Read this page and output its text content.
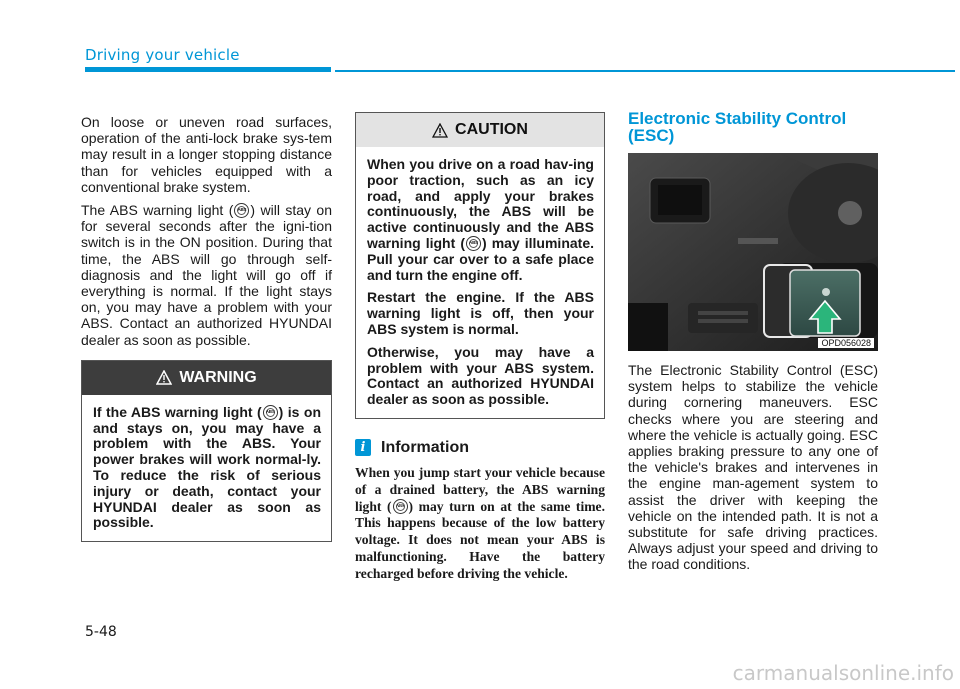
Driving your vehicle

On loose or uneven road surfaces, operation of the anti-lock brake sys-tem may result in a longer stopping distance than for vehicles equipped with a conventional brake system.

The ABS warning light ( ABS ) will stay on for several seconds after the igni-tion switch is in the ON position. During that time, the ABS will go through self-diagnosis and the light will go off if everything is normal. If the light stays on, you may have a problem with your ABS. Contact an authorized HYUNDAI dealer as soon as possible.

WARNING

If the ABS warning light ( ABS ) is on and stays on, you may have a problem with the ABS. Your power brakes will work normal-ly. To reduce the risk of serious injury or death, contact your HYUNDAI dealer as soon as possible.

CAUTION

When you drive on a road hav-ing poor traction, such as an icy road, and apply your brakes continuously, the ABS will be active continuously and the ABS warning light ( ABS ) may illuminate. Pull your car over to a safe place and turn the engine off.

Restart the engine. If the ABS warning light is off, then your ABS system is normal.

Otherwise, you may have a problem with your ABS system. Contact an authorized HYUNDAI dealer as soon as possible.

i Information

When you jump start your vehicle because of a drained battery, the ABS warning light ( ABS ) may turn on at the same time. This happens because of the low battery voltage. It does not mean your ABS is malfunctioning. Have the battery recharged before driving the vehicle.

Electronic Stability Control (ESC)
OPD056028

The Electronic Stability Control (ESC) system helps to stabilize the vehicle during cornering maneuvers. ESC checks where you are steering and where the vehicle is actually going. ESC applies braking pressure to any one of the vehicle's brakes and intervenes in the engine man-agement system to assist the driver with keeping the vehicle on the intended path. It is not a substitute for safe driving practices. Always adjust your speed and driving to the road conditions.

5-48
carmanualsonline.info
